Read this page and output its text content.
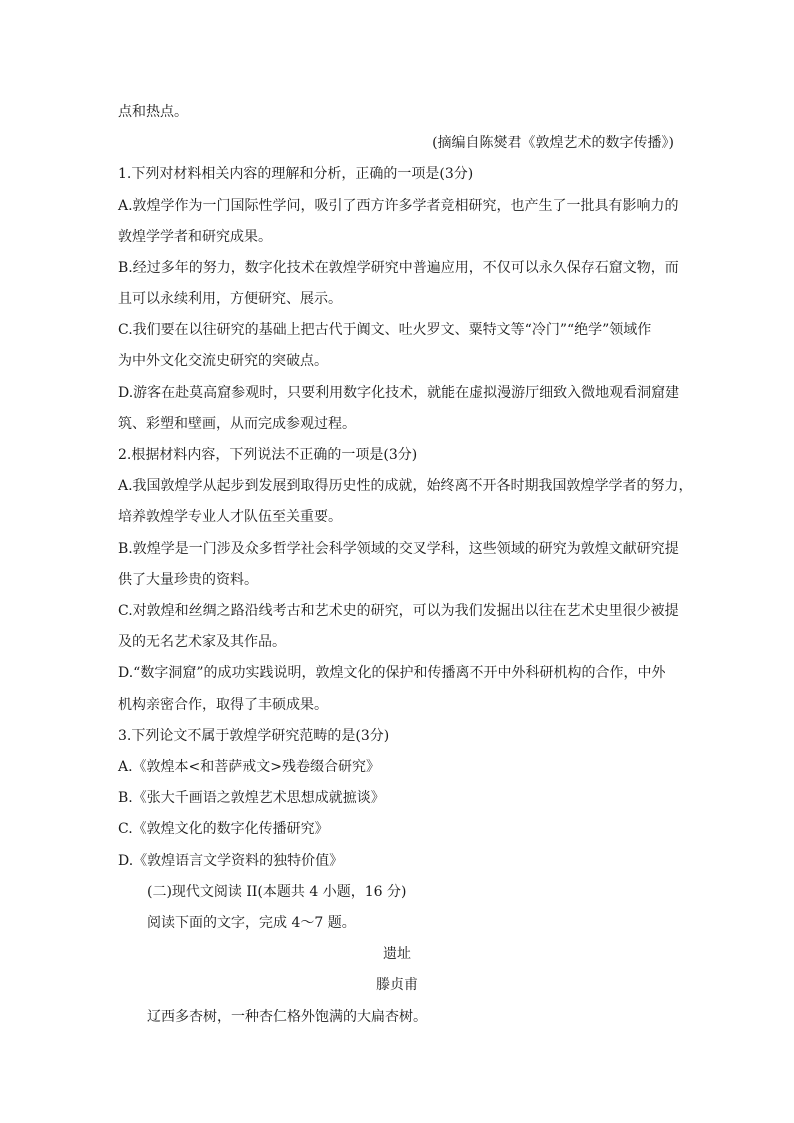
点和热点。
(摘编自陈爕君《敦煌艺术的数字传播》)
1.下列对材料相关内容的理解和分析，正确的一项是(3分)
A.敦煌学作为一门国际性学问，吸引了西方许多学者竞相研究，也产生了一批具有影响力的
敦煌学学者和研究成果。
B.经过多年的努力，数字化技术在敦煌学研究中普遍应用，不仅可以永久保存石窟文物，而
且可以永续利用，方便研究、展示。
C.我们要在以往研究的基础上把古代于阗文、吐火罗文、粟特文等“冷门”“绝学”领域作
为中外文化交流史研究的突破点。
D.游客在赴莫高窟参观时，只要利用数字化技术，就能在虚拟漫游厅细致入微地观看洞窟建
筑、彩塑和壁画，从而完成参观过程。
2.根据材料内容，下列说法不正确的一项是(3分)
A.我国敦煌学从起步到发展到取得历史性的成就，始终离不开各时期我国敦煌学学者的努力，
培养敦煌学专业人才队伍至关重要。
B.敦煌学是一门涉及众多哲学社会科学领域的交叉学科，这些领域的研究为敦煌文献研究提
供了大量珍贵的资料。
C.对敦煌和丝绸之路沿线考古和艺术史的研究，可以为我们发掘出以往在艺术史里很少被提
及的无名艺术家及其作品。
D.“数字洞窟”的成功实践说明，敦煌文化的保护和传播离不开中外科研机构的合作，中外
机构亲密合作，取得了丰硕成果。
3.下列论文不属于敦煌学研究范畴的是(3分)
A.《敦煌本<和菩萨戒文>残卷缀合研究》
B.《张大千画语之敦煌艺术思想成就摭谈》
C.《敦煌文化的数字化传播研究》
D.《敦煌语言文学资料的独特价值》
(二)现代文阅读 II(本题共 4 小题，16 分)
阅读下面的文字，完成 4～7 题。
遗址
滕贞甫
辽西多杏树，一种杏仁格外饱满的大扁杏树。
